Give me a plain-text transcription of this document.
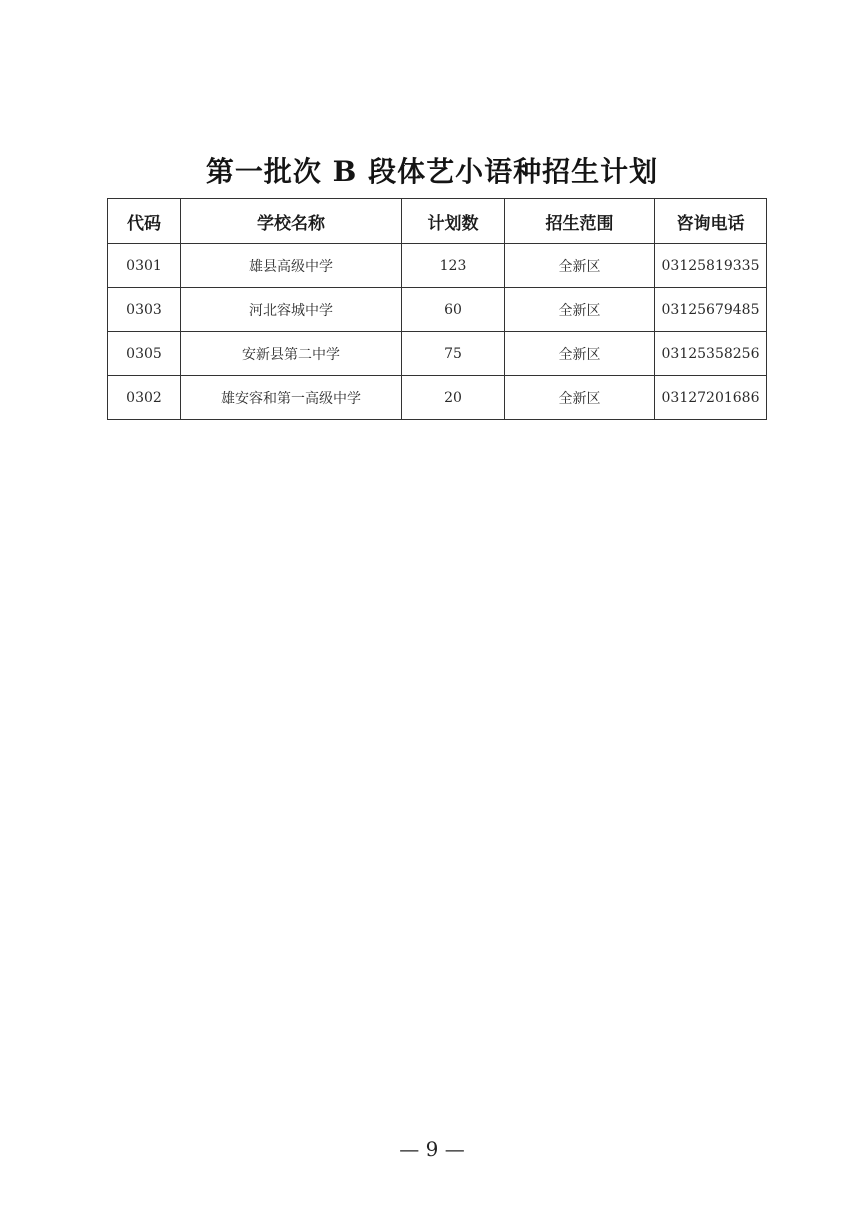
第一批次 B 段体艺小语种招生计划
代码	学校名称	计划数	招生范围	咨询电话
0301	雄县高级中学	123	全新区	03125819335
0303	河北容城中学	60	全新区	03125679485
0305	安新县第二中学	75	全新区	03125358256
0302	雄安容和第一高级中学	20	全新区	03127201686
— 9 —
